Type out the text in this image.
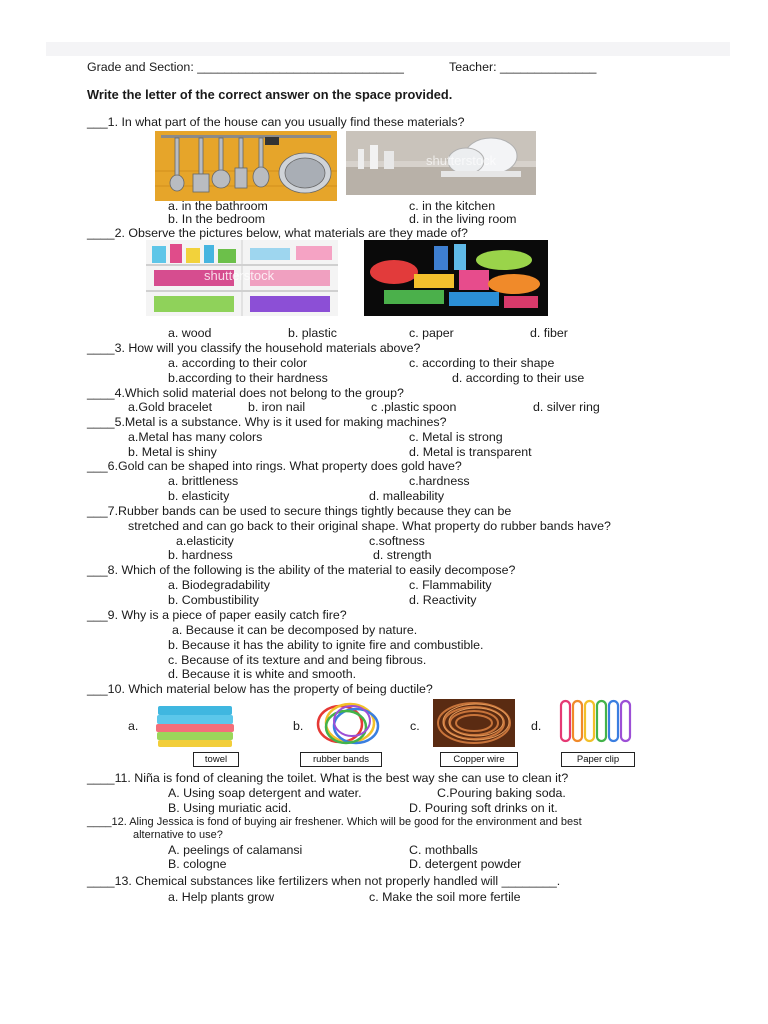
Grade and Section: ______________________________	Teacher: ______________
Write the letter of the correct answer on the space provided.
___1. In what part of the house can you usually find these materials?
shutterstock
a. in the bathroom	c. in the kitchen
b. In the bedroom	d. in the living room
____2. Observe the pictures below, what materials are they made of?
shutterstock
a. wood	b. plastic	c. paper	d. fiber
____3. How will you classify the household materials above?
a. according to their color	c. according to their shape
b.according to their hardness	d. according to their use
____4.Which solid material does not belong to the group?
a.Gold bracelet	b. iron nail	c .plastic spoon	d. silver ring
____5.Metal is a substance. Why is it used for making machines?
a.Metal has many colors	c. Metal is strong
b. Metal is shiny	d. Metal is transparent
___6.Gold can be shaped into rings. What property does gold have?
a. brittleness	c.hardness
b. elasticity	d. malleability
___7.Rubber bands can be used to secure things tightly because they can be
stretched and can go back to their original shape. What property do rubber bands have?
a.elasticity	c.softness
b. hardness	d. strength
___8. Which of the following is the ability of the material to easily decompose?
a. Biodegradability	c. Flammability
b. Combustibility	d. Reactivity
___9. Why is a piece of paper easily catch fire?
a. Because it can be decomposed by nature.
b. Because it has the ability to ignite fire and combustible.
c. Because of its texture and and being fibrous.
d. Because it is white and smooth.
___10. Which material below has the property of being ductile?
a.
towel
b.
rubber bands
c.
Copper wire
d.
Paper clip
____11. Niña is fond of cleaning the toilet. What is the best way she can use to clean it?
A. Using soap detergent and water.	C.Pouring baking soda.
B. Using muriatic acid.	D. Pouring soft drinks on it.
____12. Aling Jessica is fond of buying air freshener. Which will be good for the environment and best
alternative to use?
A. peelings of calamansi	C. mothballs
B. cologne	D. detergent powder
____13. Chemical substances like fertilizers when not properly handled will ________.
a. Help plants grow	c. Make the soil more fertile
